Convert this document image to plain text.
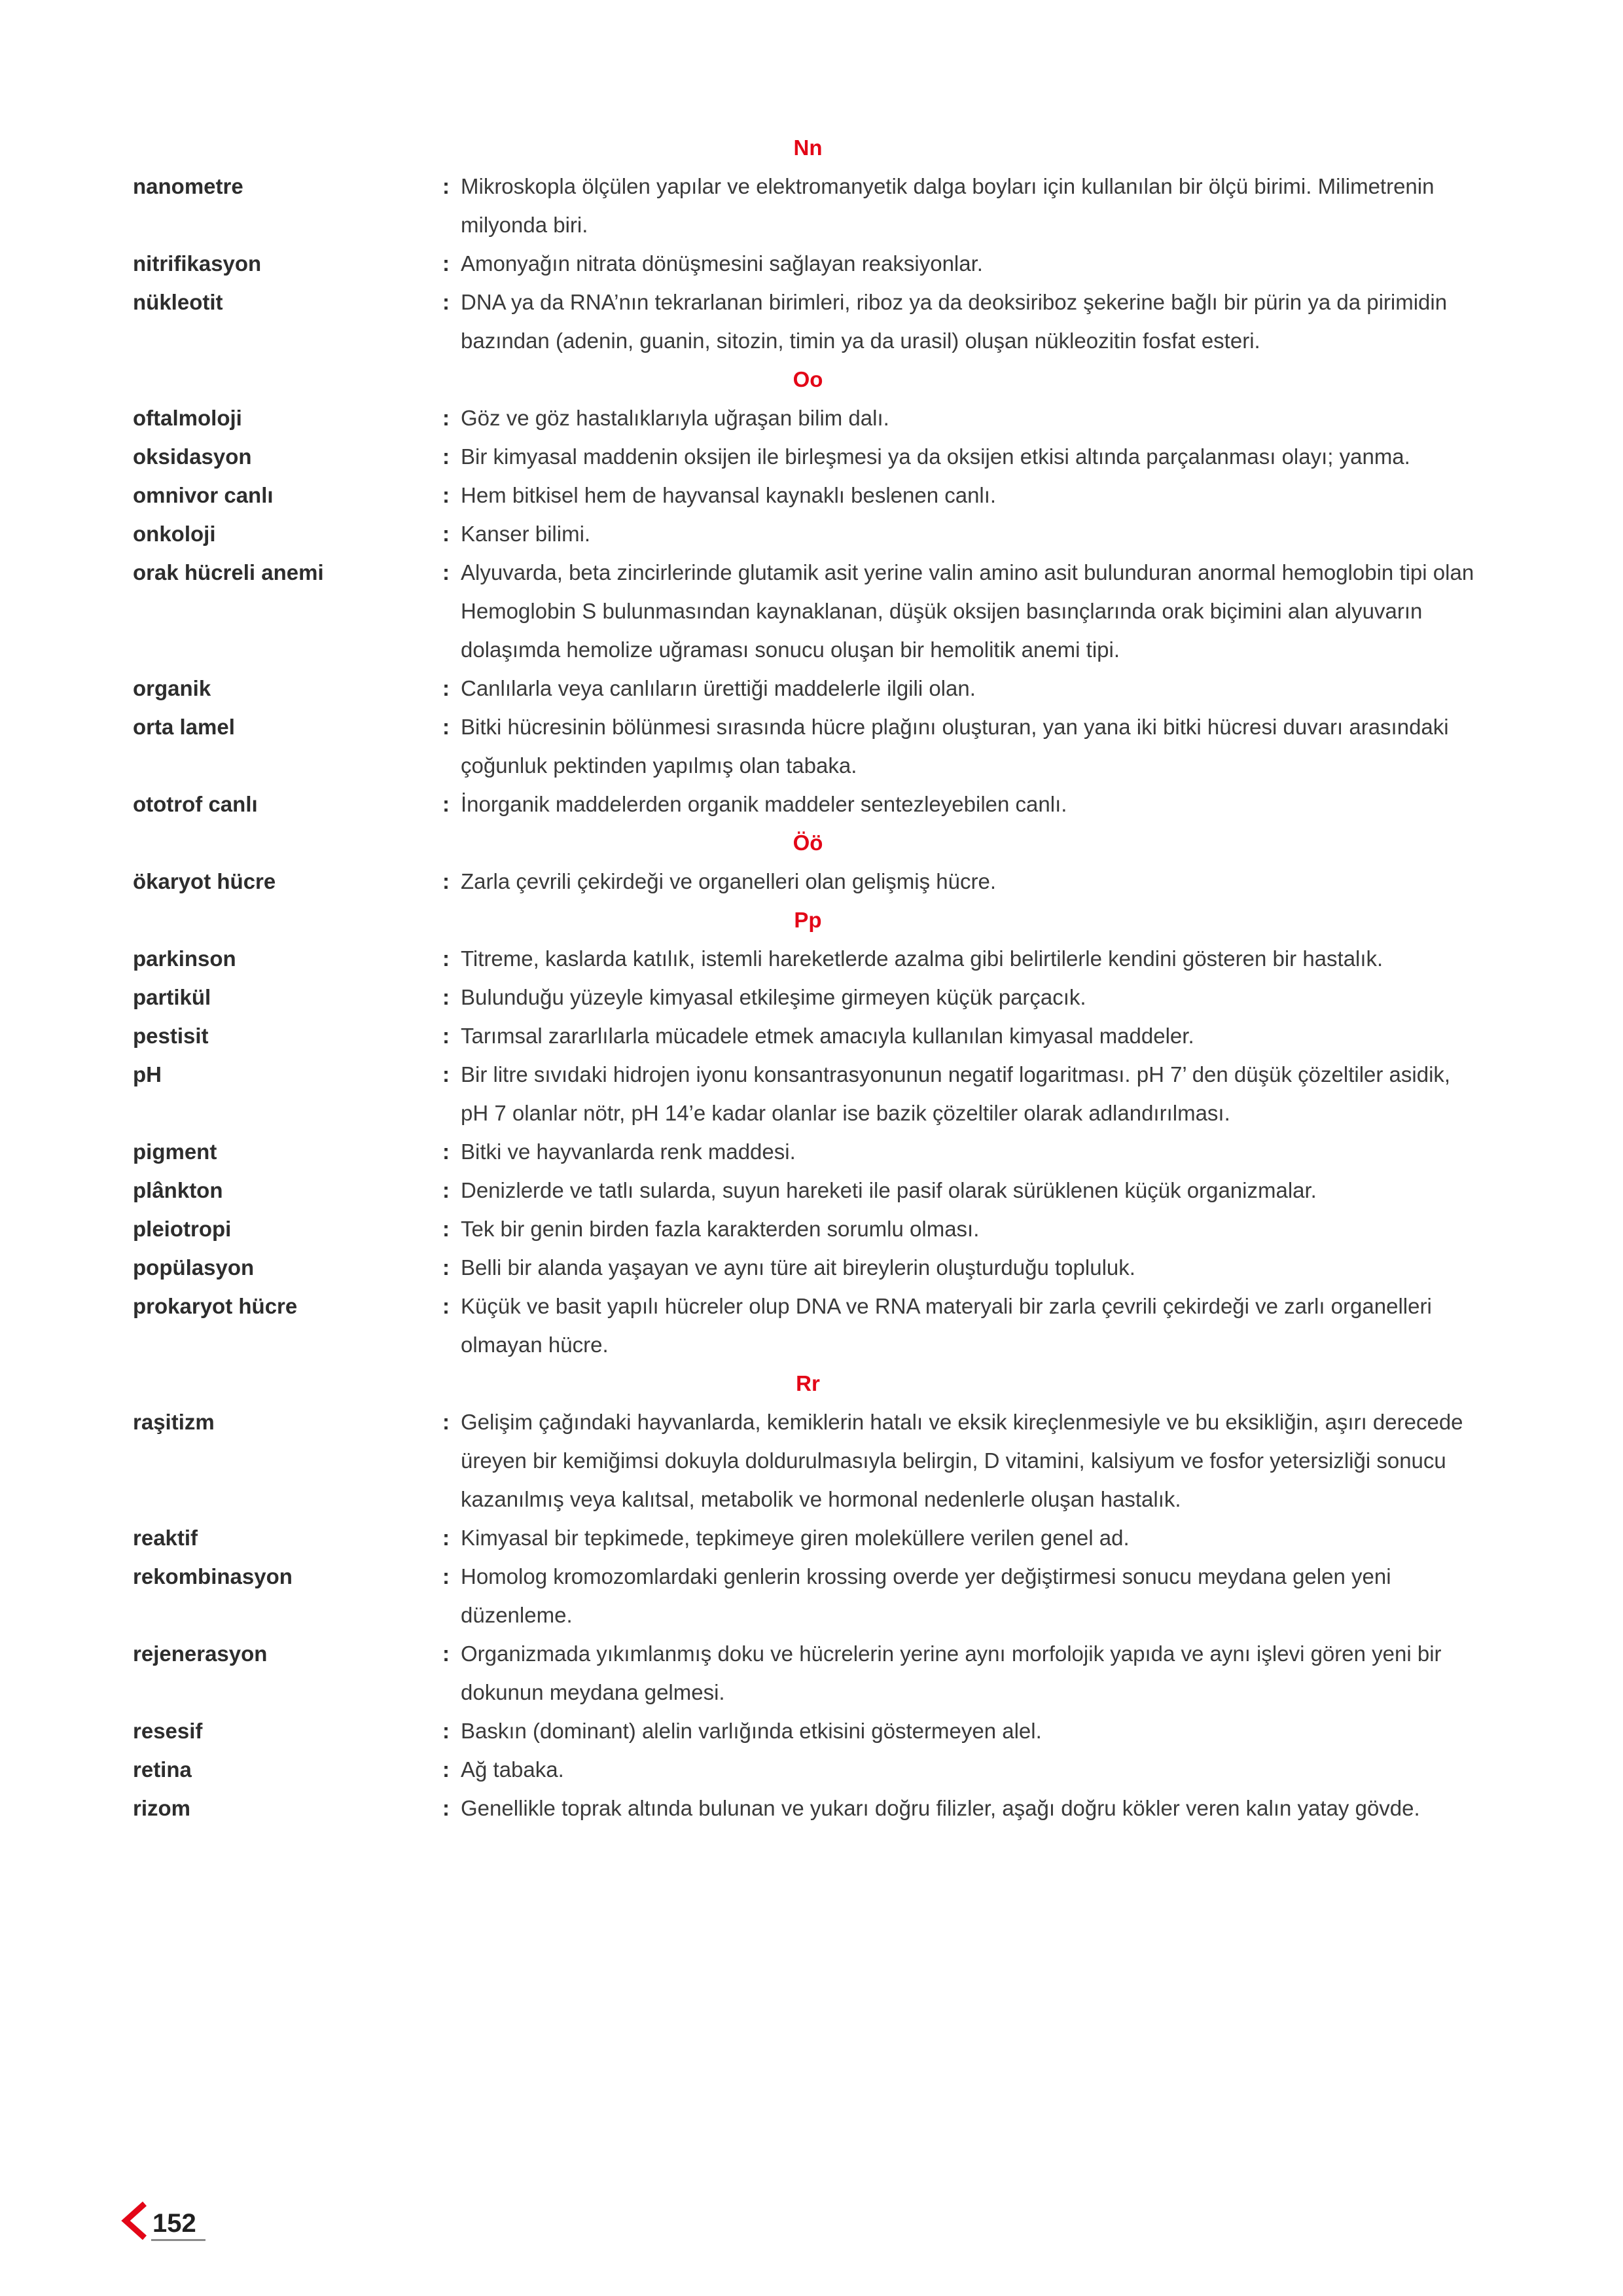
Nn
nanometre	: Mikroskopla ölçülen yapılar ve elektromanyetik dalga boyları için kullanılan bir ölçü birimi. Milimetrenin milyonda biri.
nitrifikasyon	: Amonyağın nitrata dönüşmesini sağlayan reaksiyonlar.
nükleotit	: DNA ya da RNA’nın tekrarlanan birimleri, riboz ya da deoksiriboz şekerine bağlı bir pürin ya da pirimidin bazından (adenin, guanin, sitozin, timin ya da urasil) oluşan nükleozitin fosfat esteri.
Oo
oftalmoloji	: Göz ve göz hastalıklarıyla uğraşan bilim dalı.
oksidasyon	: Bir kimyasal maddenin oksijen ile birleşmesi ya da oksijen etkisi altında parçalanması olayı; yanma.
omnivor canlı	: Hem bitkisel hem de hayvansal kaynaklı beslenen canlı.
onkoloji	: Kanser bilimi.
orak hücreli anemi	: Alyuvarda, beta zincirlerinde glutamik asit yerine valin amino asit bulunduran anormal hemoglobin tipi olan Hemoglobin S bulunmasından kaynaklanan, düşük oksijen basınçlarında orak biçimini alan alyuvarın dolaşımda hemolize uğraması sonucu oluşan bir hemolitik anemi tipi.
organik	: Canlılarla veya canlıların ürettiği maddelerle ilgili olan.
orta lamel	: Bitki hücresinin bölünmesi sırasında hücre plağını oluşturan, yan yana iki bitki hücresi duvarı arasındaki çoğunluk pektinden yapılmış olan tabaka.
ototrof canlı	: İnorganik maddelerden organik maddeler sentezleyebilen canlı.
Öö
ökaryot hücre	: Zarla çevrili çekirdeği ve organelleri olan gelişmiş hücre.
Pp
parkinson	: Titreme, kaslarda katılık, istemli hareketlerde azalma gibi belirtilerle kendini gösteren bir hastalık.
partikül	: Bulunduğu yüzeyle kimyasal etkileşime girmeyen küçük parçacık.
pestisit	: Tarımsal zararlılarla mücadele etmek amacıyla kullanılan kimyasal maddeler.
pH	: Bir litre sıvıdaki hidrojen iyonu konsantrasyonunun negatif logaritması. pH 7’ den düşük çözeltiler asidik, pH 7 olanlar nötr, pH 14’e kadar olanlar ise bazik çözeltiler olarak adlandırılması.
pigment	: Bitki ve hayvanlarda renk maddesi.
plânkton	: Denizlerde ve tatlı sularda, suyun hareketi ile pasif olarak sürüklenen küçük organizmalar.
pleiotropi	: Tek bir genin birden fazla karakterden sorumlu olması.
popülasyon	: Belli bir alanda yaşayan ve aynı türe ait bireylerin oluşturduğu topluluk.
prokaryot hücre	: Küçük ve basit yapılı hücreler olup DNA ve RNA materyali bir zarla çevrili çekirdeği ve zarlı organelleri olmayan hücre.
Rr
raşitizm	: Gelişim çağındaki hayvanlarda, kemiklerin hatalı ve eksik kireçlenmesiyle ve bu eksikliğin, aşırı derecede üreyen bir kemiğimsi dokuyla doldurulmasıyla belirgin, D vitamini, kalsiyum ve fosfor yetersizliği sonucu kazanılmış veya kalıtsal, metabolik ve hormonal nedenlerle oluşan hastalık.
reaktif	: Kimyasal bir tepkimede, tepkimeye giren moleküllere verilen genel ad.
rekombinasyon	: Homolog kromozomlardaki genlerin krossing overde yer değiştirmesi sonucu meydana gelen yeni düzenleme.
rejenerasyon	: Organizmada yıkımlanmış doku ve hücrelerin yerine aynı morfolojik yapıda ve aynı işlevi gören yeni bir dokunun meydana gelmesi.
resesif	: Baskın (dominant) alelin varlığında etkisini göstermeyen alel.
retina	: Ağ tabaka.
rizom	: Genellikle toprak altında bulunan ve yukarı doğru filizler, aşağı doğru kökler veren kalın yatay gövde.
152
